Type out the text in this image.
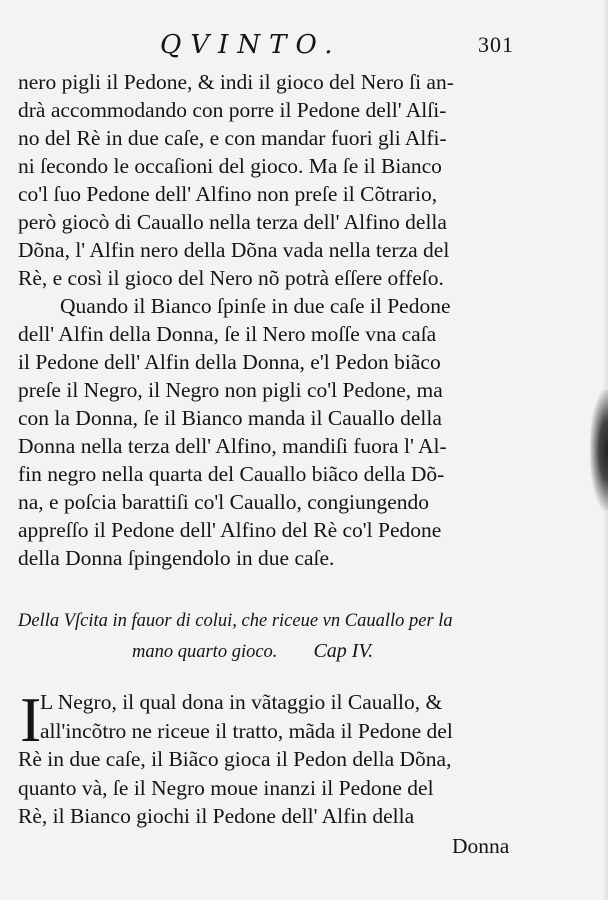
QVINTO.	301
nero pigli il Pedone, & indi il gioco del Nero ſi an-
drà accommodando con porre il Pedone dell' Alſi-
no del Rè in due caſe, e con mandar fuori gli Alfi-
ni ſecondo le occaſioni del gioco. Ma ſe il Bianco
co'l ſuo Pedone dell' Alfino non preſe il Cõtrario,
però giocò di Cauallo nella terza dell' Alfino della
Dõna, l' Alfin nero della Dõna vada nella terza del
Rè, e così il gioco del Nero nõ potrà eſſere offeſo.
Quando il Bianco ſpinſe in due caſe il Pedone
dell' Alfin della Donna, ſe il Nero moſſe vna caſa
il Pedone dell' Alfin della Donna, e'l Pedon biãco
preſe il Negro, il Negro non pigli co'l Pedone, ma
con la Donna, ſe il Bianco manda il Cauallo della
Donna nella terza dell' Alfino, mandiſi fuora l' Al-
fin negro nella quarta del Cauallo biãco della Dõ-
na, e poſcia barattiſi co'l Cauallo, congiungendo
appreſſo il Pedone dell' Alfino del Rè co'l Pedone
della Donna ſpingendolo in due caſe.
Della Vſcita in fauor di colui, che riceue vn Cauallo per la
mano quarto gioco. Cap IV.
I
L Negro, il qual dona in vãtaggio il Cauallo, &
all'incõtro ne riceue il tratto, mãda il Pedone del
Rè in due caſe, il Biãco gioca il Pedon della Dõna,
quanto và, ſe il Negro moue inanzi il Pedone del
Rè, il Bianco giochi il Pedone dell' Alfin della
Donna
